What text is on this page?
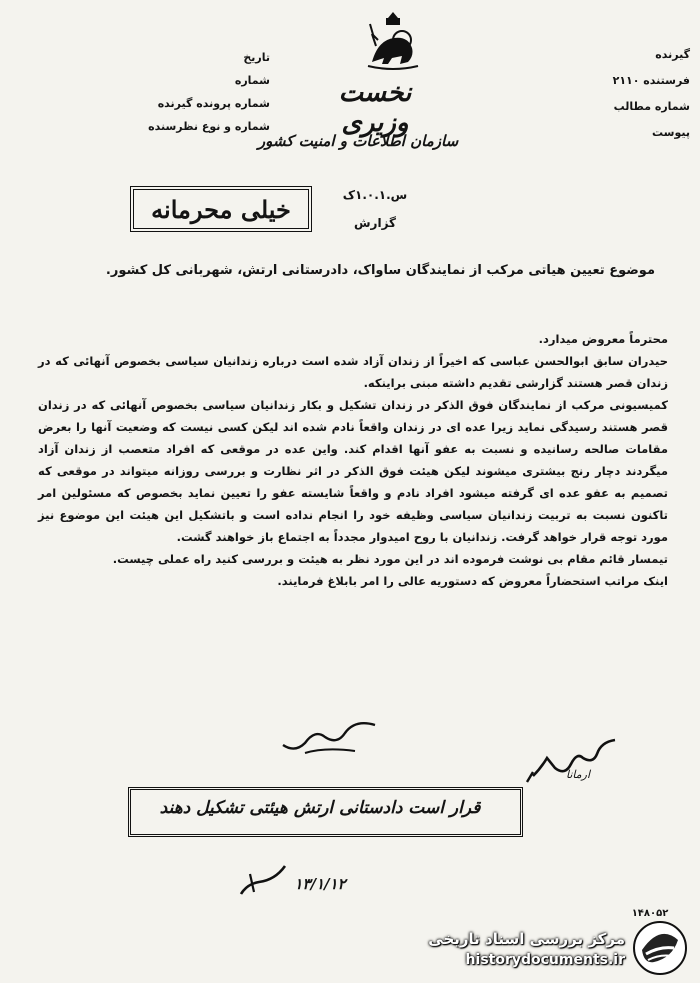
تاریخ
شماره
شماره پرونده گیرنده
شماره و نوع نظرسنده
نخست وزیری
سازمان اطلاعات و امنیت کشور
س.۱.۰.۱ک
گزارش
گیرنده
فرستنده ۲۱۱۰
شماره مطالب
پیوست
خیلی محرمانه
موضوع تعیین هیاتی مرکب از نمایندگان ساواک، دادرستانی ارتش، شهربانی کل کشور.

محترماً معروض میدارد.

حیدران سابق ابوالحسن عباسی که اخیراً از زندان آزاد شده است درباره زندانیان سیاسی بخصوص آنهائی که در زندان قصر هستند گزارشی تقدیم داشته مبنی براینکه.

کمیسیونی مرکب از نمایندگان فوق الذکر در زندان تشکیل و بکار زندانیان سیاسی بخصوص آنهائی که در زندان قصر هستند رسیدگی نماید زیرا عده ای در زندان واقعاً نادم شده اند لیکن کسی نیست که وضعیت آنها را بعرض مقامات صالحه رسانیده و نسبت به عفو آنها اقدام کند. واین عده در موقعی که افراد متعصب از زندان آزاد میگردند دچار رنج بیشتری میشوند لیکن هیئت فوق الذکر در اثر نظارت و بررسی روزانه میتواند در موقعی که تصمیم به عفو عده ای گرفته میشود افراد نادم و واقعاً شایسته عفو را تعیین نماید بخصوص که مسئولین امر تاکنون نسبت به تربیت زندانیان سیاسی وظیفه خود را انجام نداده است و باتشکیل این هیئت این موضوع نیز مورد توجه قرار خواهد گرفت. زندانیان با روح امیدوار مجدداً به اجتماع باز خواهند گشت.

تیمسار قائم مقام بی نوشت فرموده اند در این مورد نظر به هیئت و بررسی کنید راه عملی چیست.

اینک مراتب استحضاراً معروض که دستوریه عالی را امر بابلاغ فرمایند.

ارمانا
قرار است دادستانی ارتش هیئتی تشکیل دهند
۱۳/۱/۱۲
۱۴۸۰۵۲
مرکز بررسی اسناد تاریخی
historydocuments.ir
